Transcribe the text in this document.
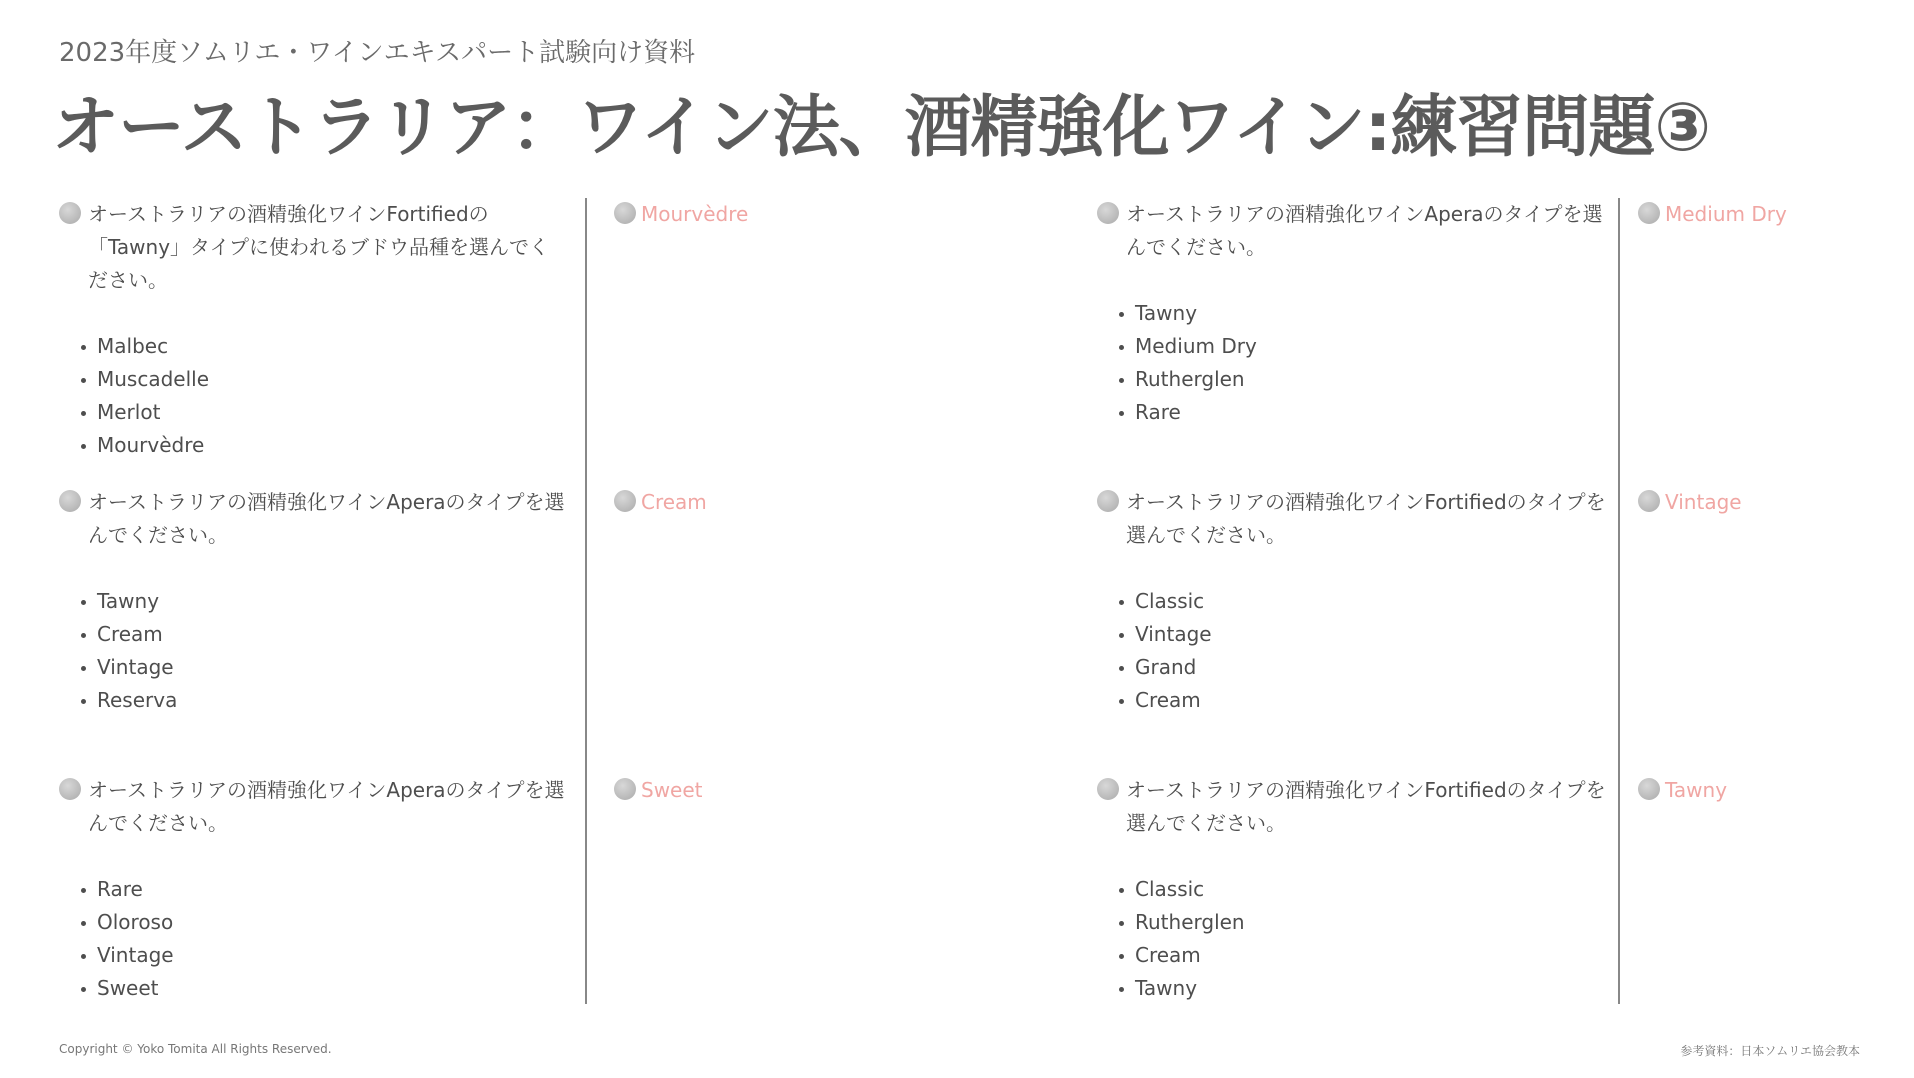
2023年度ソムリエ・ワインエキスパート試験向け資料
オーストラリア：ワイン法、酒精強化ワイン:練習問題③
オーストラリアの酒精強化ワインFortifiedの「Tawny」タイプに使われるブドウ品種を選んでください。
Malbec
Muscadelle
Merlot
Mourvèdre
Mourvèdre	オーストラリアの酒精強化ワインAperaのタイプを選んでください。
Tawny
Medium Dry
Rutherglen
Rare
Medium Dry
オーストラリアの酒精強化ワインAperaのタイプを選んでください。
Tawny
Cream
Vintage
Reserva
Cream	オーストラリアの酒精強化ワインFortifiedのタイプを選んでください。
Classic
Vintage
Grand
Cream
Vintage
オーストラリアの酒精強化ワインAperaのタイプを選んでください。
Rare
Oloroso
Vintage
Sweet
Sweet	オーストラリアの酒精強化ワインFortifiedのタイプを選んでください。
Classic
Rutherglen
Cream
Tawny
Tawny
Copyright © Yoko Tomita All Rights Reserved.	参考資料：日本ソムリエ協会教本
